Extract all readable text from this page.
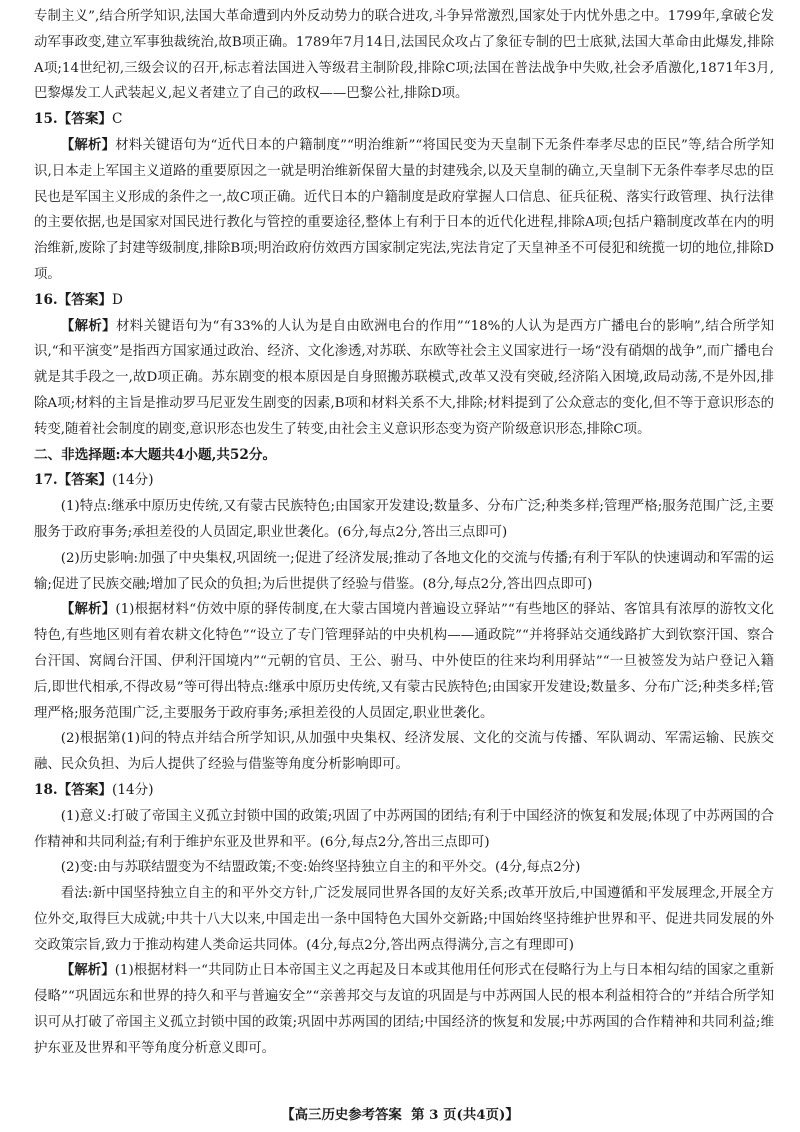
专制主义”,结合所学知识,法国大革命遭到内外反动势力的联合进攻,斗争异常激烈,国家处于内忧外患之中。1799年,拿破仑发动军事政变,建立军事独裁统治,故B项正确。1789年7月14日,法国民众攻占了象征专制的巴士底狱,法国大革命由此爆发,排除A项;14世纪初,三级会议的召开,标志着法国进入等级君主制阶段,排除C项;法国在普法战争中失败,社会矛盾激化,1871年3月,巴黎爆发工人武装起义,起义者建立了自己的政权——巴黎公社,排除D项。

15.【答案】C

【解析】材料关键语句为“近代日本的户籍制度”“明治维新”“将国民变为天皇制下无条件奉孝尽忠的臣民”等,结合所学知识,日本走上军国主义道路的重要原因之一就是明治维新保留大量的封建残余,以及天皇制的确立,天皇制下无条件奉孝尽忠的臣民也是军国主义形成的条件之一,故C项正确。近代日本的户籍制度是政府掌握人口信息、征兵征税、落实行政管理、执行法律的主要依据,也是国家对国民进行教化与管控的重要途径,整体上有利于日本的近代化进程,排除A项;包括户籍制度改革在内的明治维新,废除了封建等级制度,排除B项;明治政府仿效西方国家制定宪法,宪法肯定了天皇神圣不可侵犯和统揽一切的地位,排除D项。

16.【答案】D

【解析】材料关键语句为“有33%的人认为是自由欧洲电台的作用”“18%的人认为是西方广播电台的影响”,结合所学知识,“和平演变”是指西方国家通过政治、经济、文化渗透,对苏联、东欧等社会主义国家进行一场“没有硝烟的战争”,而广播电台就是其手段之一,故D项正确。苏东剧变的根本原因是自身照搬苏联模式,改革又没有突破,经济陷入困境,政局动荡,不是外因,排除A项;材料的主旨是推动罗马尼亚发生剧变的因素,B项和材料关系不大,排除;材料提到了公众意志的变化,但不等于意识形态的转变,随着社会制度的剧变,意识形态也发生了转变,由社会主义意识形态变为资产阶级意识形态,排除C项。

二、非选择题:本大题共4小题,共52分。

17.【答案】(14分)

(1)特点:继承中原历史传统,又有蒙古民族特色;由国家开发建设;数量多、分布广泛;种类多样;管理严格;服务范围广泛,主要服务于政府事务;承担差役的人员固定,职业世袭化。(6分,每点2分,答出三点即可)

(2)历史影响:加强了中央集权,巩固统一;促进了经济发展;推动了各地文化的交流与传播;有利于军队的快速调动和军需的运输;促进了民族交融;增加了民众的负担;为后世提供了经验与借鉴。(8分,每点2分,答出四点即可)

【解析】(1)根据材料“仿效中原的驿传制度,在大蒙古国境内普遍设立驿站”“有些地区的驿站、客馆具有浓厚的游牧文化特色,有些地区则有着农耕文化特色”“设立了专门管理驿站的中央机构——通政院”“并将驿站交通线路扩大到钦察汗国、察合台汗国、窝阔台汗国、伊利汗国境内”“元朝的官员、王公、驸马、中外使臣的往来均利用驿站”“一旦被签发为站户登记入籍后,即世代相承,不得改易”等可得出特点:继承中原历史传统,又有蒙古民族特色;由国家开发建设;数量多、分布广泛;种类多样;管理严格;服务范围广泛,主要服务于政府事务;承担差役的人员固定,职业世袭化。

(2)根据第(1)问的特点并结合所学知识,从加强中央集权、经济发展、文化的交流与传播、军队调动、军需运输、民族交融、民众负担、为后人提供了经验与借鉴等角度分析影响即可。

18.【答案】(14分)

(1)意义:打破了帝国主义孤立封锁中国的政策;巩固了中苏两国的团结;有利于中国经济的恢复和发展;体现了中苏两国的合作精神和共同利益;有利于维护东亚及世界和平。(6分,每点2分,答出三点即可)

(2)变:由与苏联结盟变为不结盟政策;不变:始终坚持独立自主的和平外交。(4分,每点2分)

看法:新中国坚持独立自主的和平外交方针,广泛发展同世界各国的友好关系;改革开放后,中国遵循和平发展理念,开展全方位外交,取得巨大成就;中共十八大以来,中国走出一条中国特色大国外交新路;中国始终坚持维护世界和平、促进共同发展的外交政策宗旨,致力于推动构建人类命运共同体。(4分,每点2分,答出两点得满分,言之有理即可)

【解析】(1)根据材料一“共同防止日本帝国主义之再起及日本或其他用任何形式在侵略行为上与日本相勾结的国家之重新侵略”“巩固远东和世界的持久和平与普遍安全”“亲善邦交与友谊的巩固是与中苏两国人民的根本利益相符合的”并结合所学知识可从打破了帝国主义孤立封锁中国的政策;巩固中苏两国的团结;中国经济的恢复和发展;中苏两国的合作精神和共同利益;维护东亚及世界和平等角度分析意义即可。

【高三历史参考答案 第 3 页(共4页)】
